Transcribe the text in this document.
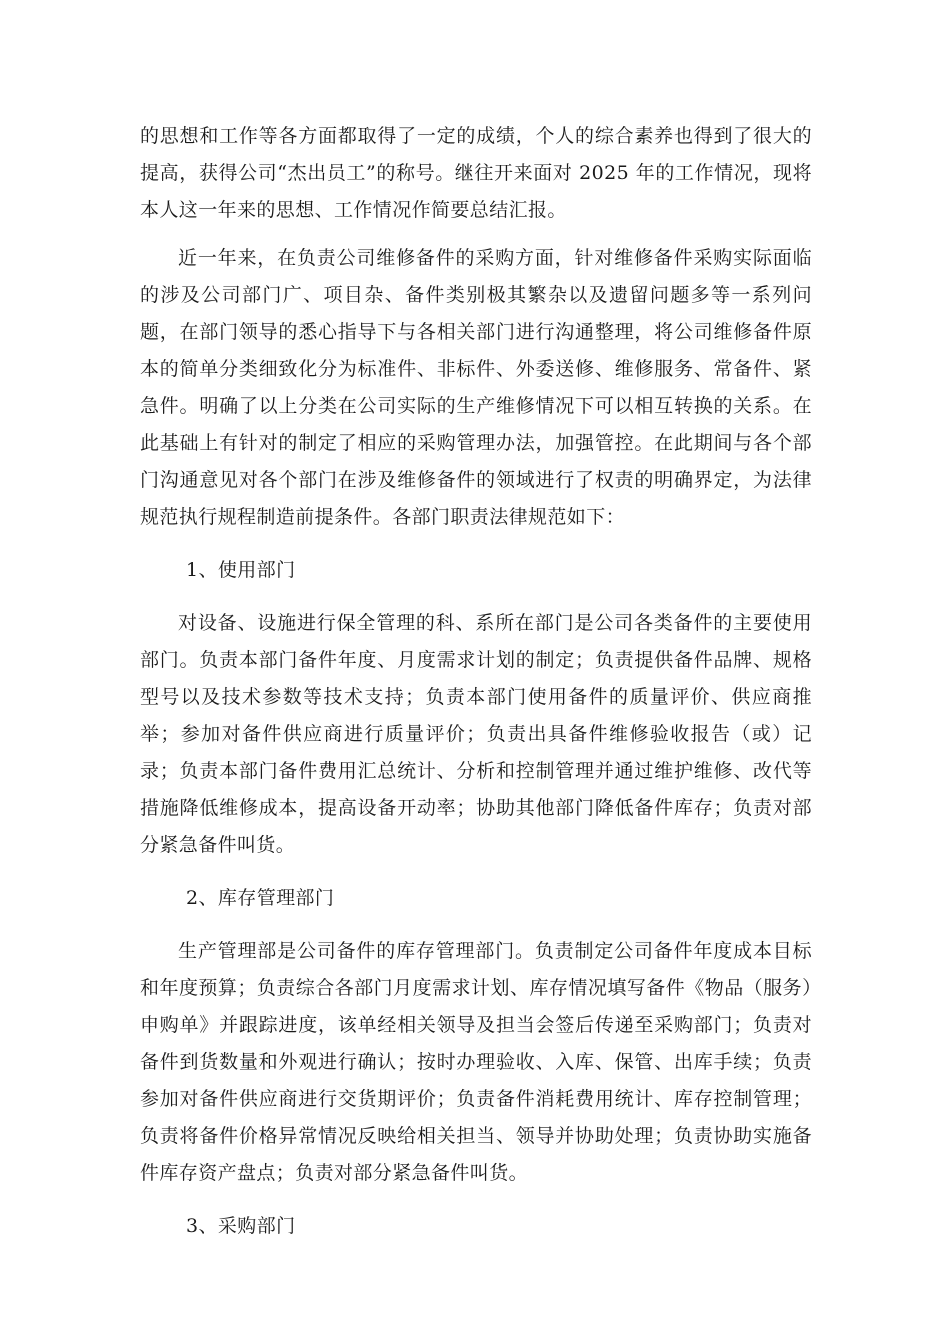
的思想和工作等各方面都取得了一定的成绩，个人的综合素养也得到了很大的提高，获得公司“杰出员工”的称号。继往开来面对 2025 年的工作情况，现将本人这一年来的思想、工作情况作简要总结汇报。

近一年来，在负责公司维修备件的采购方面，针对维修备件采购实际面临的涉及公司部门广、项目杂、备件类别极其繁杂以及遗留问题多等一系列问题，在部门领导的悉心指导下与各相关部门进行沟通整理，将公司维修备件原本的简单分类细致化分为标准件、非标件、外委送修、维修服务、常备件、紧急件。明确了以上分类在公司实际的生产维修情况下可以相互转换的关系。在此基础上有针对的制定了相应的采购管理办法，加强管控。在此期间与各个部门沟通意见对各个部门在涉及维修备件的领域进行了权责的明确界定，为法律规范执行规程制造前提条件。各部门职责法律规范如下：

1、使用部门

对设备、设施进行保全管理的科、系所在部门是公司各类备件的主要使用部门。负责本部门备件年度、月度需求计划的制定；负责提供备件品牌、规格型号以及技术参数等技术支持；负责本部门使用备件的质量评价、供应商推举；参加对备件供应商进行质量评价；负责出具备件维修验收报告（或）记录；负责本部门备件费用汇总统计、分析和控制管理并通过维护维修、改代等措施降低维修成本，提高设备开动率；协助其他部门降低备件库存；负责对部分紧急备件叫货。

2、库存管理部门

生产管理部是公司备件的库存管理部门。负责制定公司备件年度成本目标和年度预算；负责综合各部门月度需求计划、库存情况填写备件《物品（服务）申购单》并跟踪进度，该单经相关领导及担当会签后传递至采购部门；负责对备件到货数量和外观进行确认；按时办理验收、入库、保管、出库手续；负责参加对备件供应商进行交货期评价；负责备件消耗费用统计、库存控制管理；负责将备件价格异常情况反映给相关担当、领导并协助处理；负责协助实施备件库存资产盘点；负责对部分紧急备件叫货。

3、采购部门
